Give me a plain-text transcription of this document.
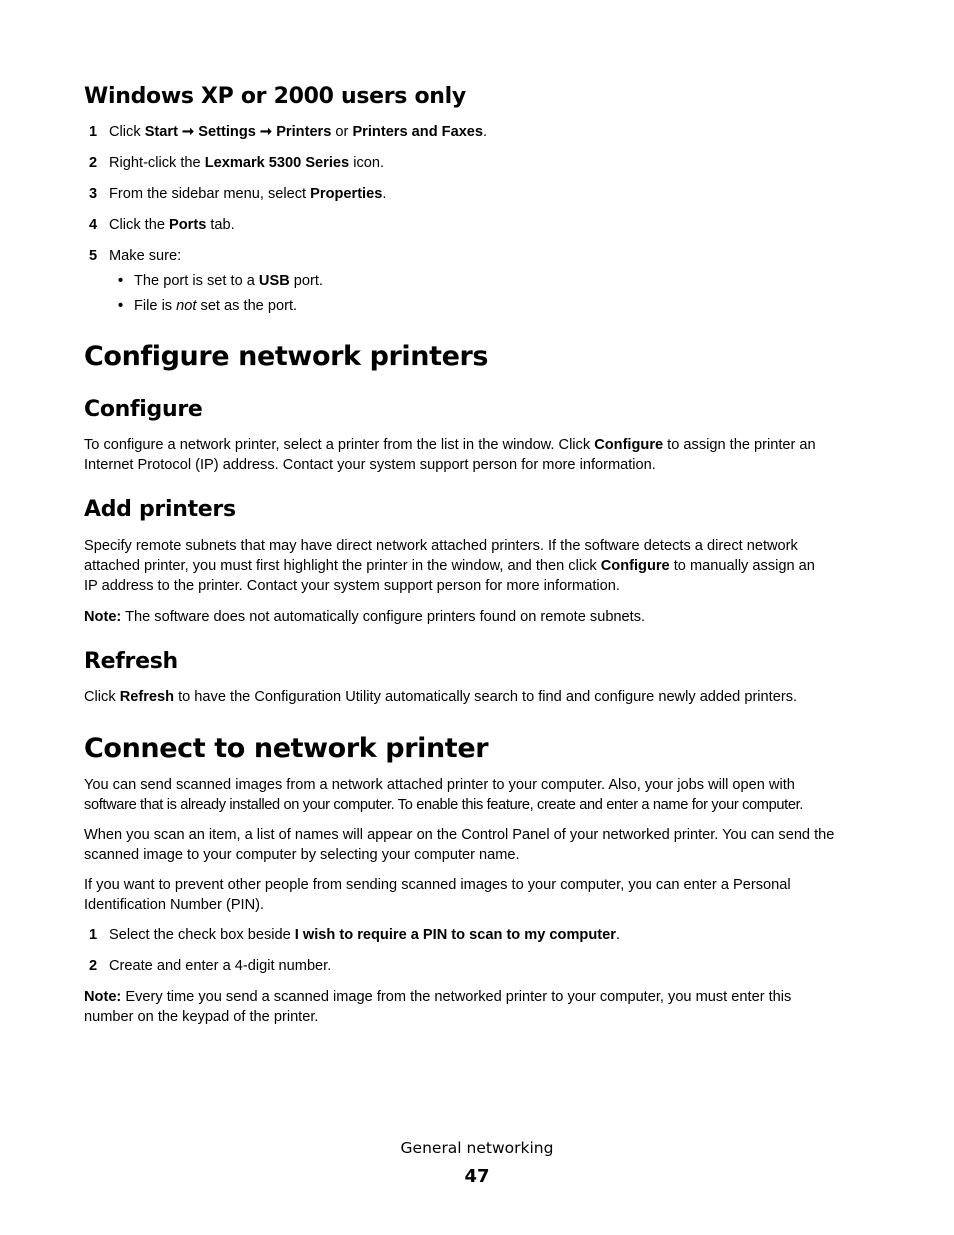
Windows XP or 2000 users only
1 Click Start ➞ Settings ➞ Printers or Printers and Faxes.
2 Right-click the Lexmark 5300 Series icon.
3 From the sidebar menu, select Properties.
4 Click the Ports tab.
5 Make sure:
• The port is set to a USB port.
• File is not set as the port.
Configure network printers
Configure

To configure a network printer, select a printer from the list in the window. Click Configure to assign the printer an
Internet Protocol (IP) address. Contact your system support person for more information.

Add printers

Specify remote subnets that may have direct network attached printers. If the software detects a direct network
attached printer, you must first highlight the printer in the window, and then click Configure to manually assign an
IP address to the printer. Contact your system support person for more information.

Note: The software does not automatically configure printers found on remote subnets.

Refresh

Click Refresh to have the Configuration Utility automatically search to find and configure newly added printers.

Connect to network printer

You can send scanned images from a network attached printer to your computer. Also, your jobs will open with
software that is already installed on your computer. To enable this feature, create and enter a name for your computer.

When you scan an item, a list of names will appear on the Control Panel of your networked printer. You can send the
scanned image to your computer by selecting your computer name.

If you want to prevent other people from sending scanned images to your computer, you can enter a Personal
Identification Number (PIN).

1 Select the check box beside I wish to require a PIN to scan to my computer.
2 Create and enter a 4-digit number.

Note: Every time you send a scanned image from the networked printer to your computer, you must enter this
number on the keypad of the printer.

General networking
47
